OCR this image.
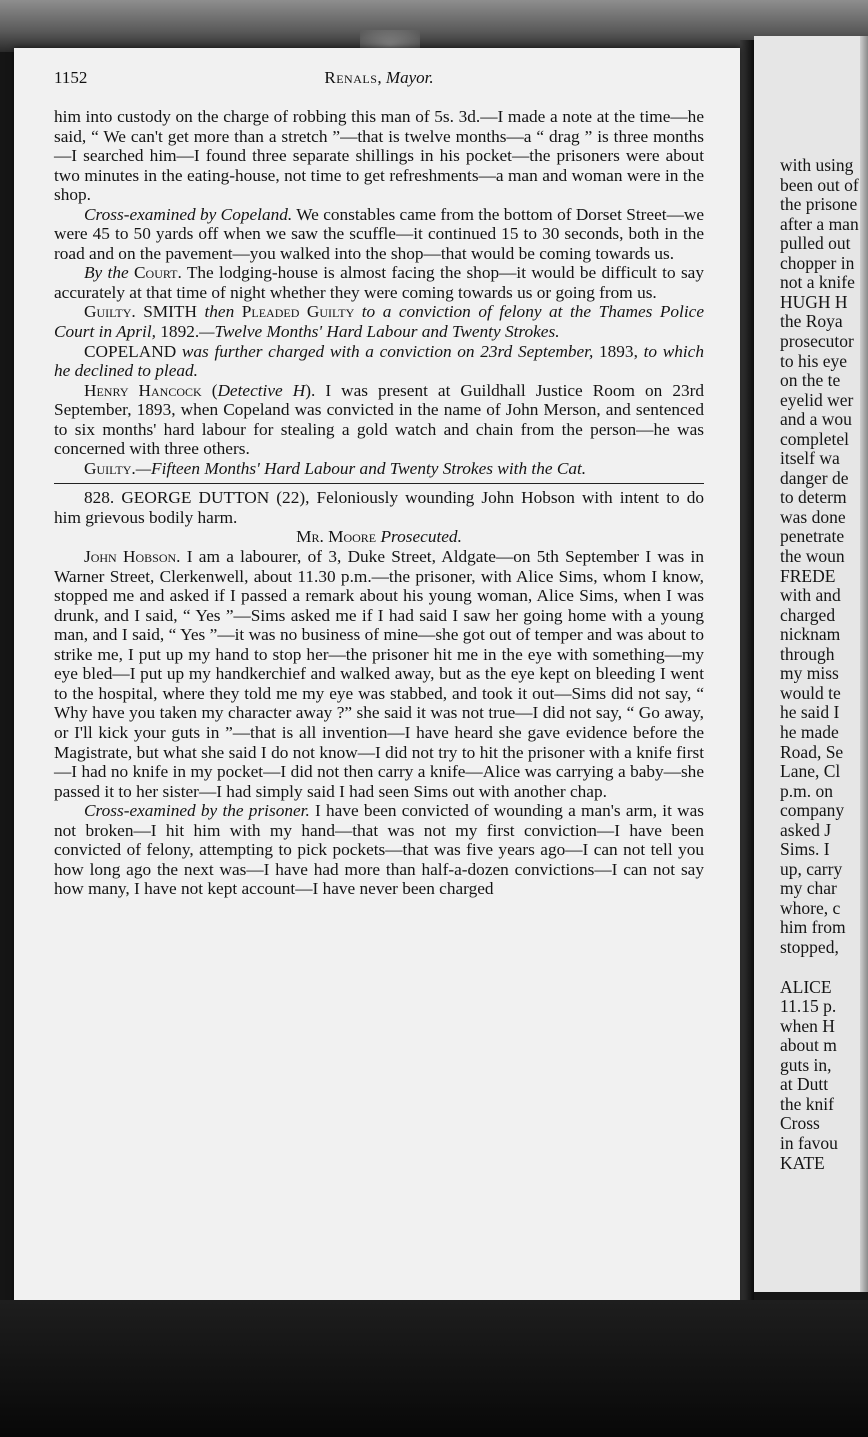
with using
been out of
the prisone
after a man
pulled out
chopper in
not a knife
HUGH H
the Roya
prosecutor
to his eye
on the te
eyelid wer
and a wou
completel
itself wa
danger de
to determ
was done
penetrate
the woun
FREDE
with and
charged
nicknam
through
my miss
would te
he said I
he made
Road, Se
Lane, Cl
p.m. on
company
asked J
Sims. I
up, carry
my char
whore, c
him from
stopped,
ALICE
11.15 p.
when H
about m
guts in,
at Dutt
the knif
Cross
in favou
KATE
1152	Renals, Mayor.

him into custody on the charge of robbing this man of 5s. 3d.—I made a note at the time—he said, “ We can't get more than a stretch ”—that is twelve months—a “ drag ” is three months—I searched him—I found three separate shillings in his pocket—the prisoners were about two minutes in the eating-house, not time to get refreshments—a man and woman were in the shop.

Cross-examined by Copeland. We constables came from the bottom of Dorset Street—we were 45 to 50 yards off when we saw the scuffle—it continued 15 to 30 seconds, both in the road and on the pavement—you walked into the shop—that would be coming towards us.

By the Court. The lodging-house is almost facing the shop—it would be difficult to say accurately at that time of night whether they were coming towards us or going from us.

Guilty. SMITH then Pleaded Guilty to a conviction of felony at the Thames Police Court in April, 1892.—Twelve Months' Hard Labour and Twenty Strokes.

COPELAND was further charged with a conviction on 23rd September, 1893, to which he declined to plead.

Henry Hancock (Detective H). I was present at Guildhall Justice Room on 23rd September, 1893, when Copeland was convicted in the name of John Merson, and sentenced to six months' hard labour for stealing a gold watch and chain from the person—he was concerned with three others.

Guilty.—Fifteen Months' Hard Labour and Twenty Strokes with the Cat.

828. GEORGE DUTTON (22), Feloniously wounding John Hobson with intent to do him grievous bodily harm.

Mr. Moore Prosecuted.

John Hobson. I am a labourer, of 3, Duke Street, Aldgate—on 5th September I was in Warner Street, Clerkenwell, about 11.30 p.m.—the prisoner, with Alice Sims, whom I know, stopped me and asked if I passed a remark about his young woman, Alice Sims, when I was drunk, and I said, “ Yes ”—Sims asked me if I had said I saw her going home with a young man, and I said, “ Yes ”—it was no business of mine—she got out of temper and was about to strike me, I put up my hand to stop her—the prisoner hit me in the eye with something—my eye bled—I put up my handkerchief and walked away, but as the eye kept on bleeding I went to the hospital, where they told me my eye was stabbed, and took it out—Sims did not say, “ Why have you taken my character away ?” she said it was not true—I did not say, “ Go away, or I'll kick your guts in ”—that is all invention—I have heard she gave evidence before the Magistrate, but what she said I do not know—I did not try to hit the prisoner with a knife first—I had no knife in my pocket—I did not then carry a knife—Alice was carrying a baby—she passed it to her sister—I had simply said I had seen Sims out with another chap.

Cross-examined by the prisoner. I have been convicted of wounding a man's arm, it was not broken—I hit him with my hand—that was not my first conviction—I have been convicted of felony, attempting to pick pockets—that was five years ago—I can not tell you how long ago the next was—I have had more than half-a-dozen convictions—I can not say how many, I have not kept account—I have never been charged
